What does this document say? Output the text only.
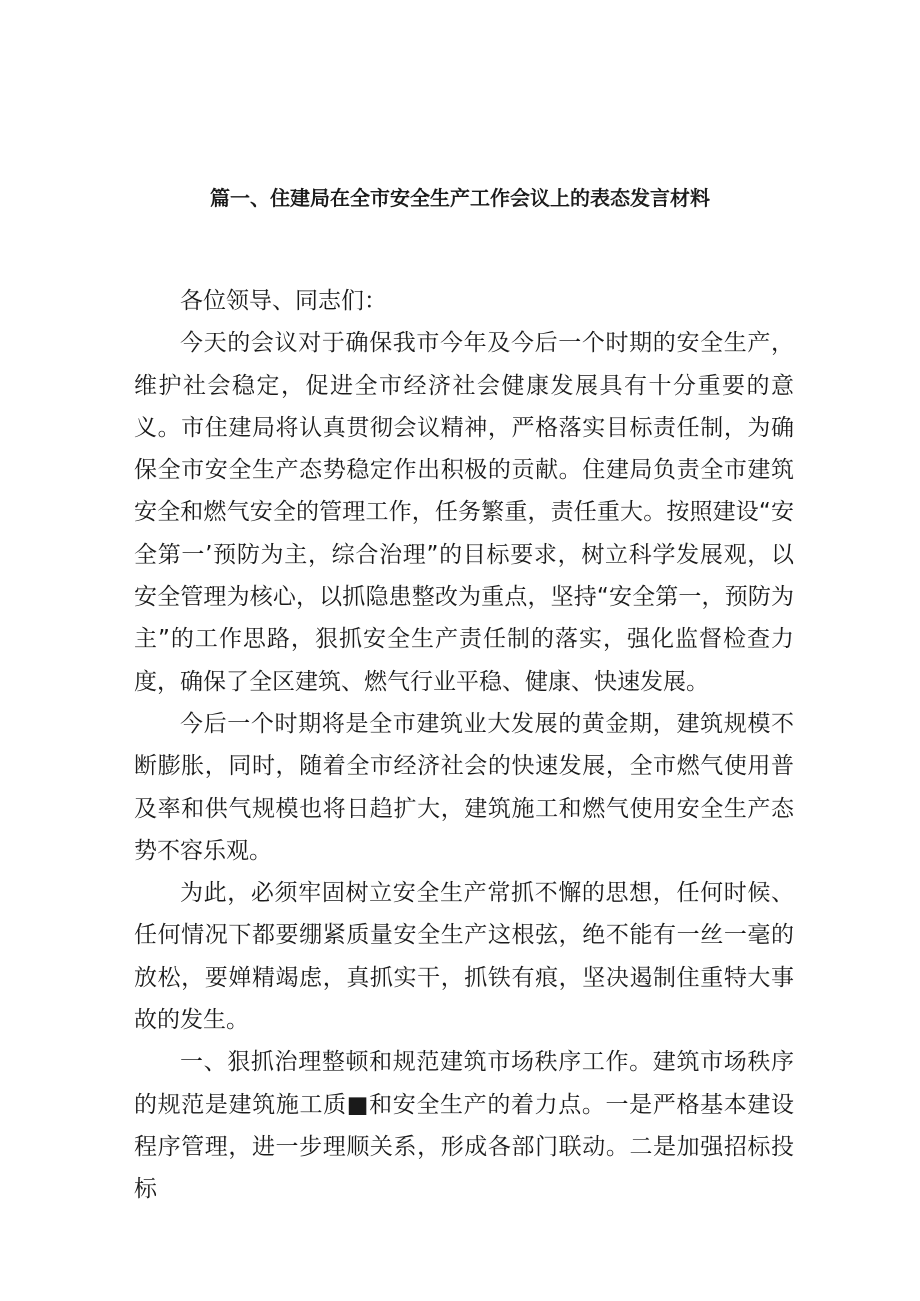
篇一、住建局在全市安全生产工作会议上的表态发言材料

各位领导、同志们：

今天的会议对于确保我市今年及今后一个时期的安全生产，维护社会稳定，促进全市经济社会健康发展具有十分重要的意义。市住建局将认真贯彻会议精神，严格落实目标责任制，为确保全市安全生产态势稳定作出积极的贡献。住建局负责全市建筑安全和燃气安全的管理工作，任务繁重，责任重大。按照建设“安全第一’预防为主，综合治理”的目标要求，树立科学发展观，以安全管理为核心，以抓隐患整改为重点，坚持“安全第一，预防为主”的工作思路，狠抓安全生产责任制的落实，强化监督检查力度，确保了全区建筑、燃气行业平稳、健康、快速发展。

今后一个时期将是全市建筑业大发展的黄金期，建筑规模不断膨胀，同时，随着全市经济社会的快速发展，全市燃气使用普及率和供气规模也将日趋扩大，建筑施工和燃气使用安全生产态势不容乐观。

为此，必须牢固树立安全生产常抓不懈的思想，任何时候、任何情况下都要绷紧质量安全生产这根弦，绝不能有一丝一毫的放松，要婵精竭虑，真抓实干，抓铁有痕，坚决遏制住重特大事故的发生。

一、狠抓治理整顿和规范建筑市场秩序工作。建筑市场秩序的规范是建筑施工质■和安全生产的着力点。一是严格基本建设程序管理，进一步理顺关系，形成各部门联动。二是加强招标投标
